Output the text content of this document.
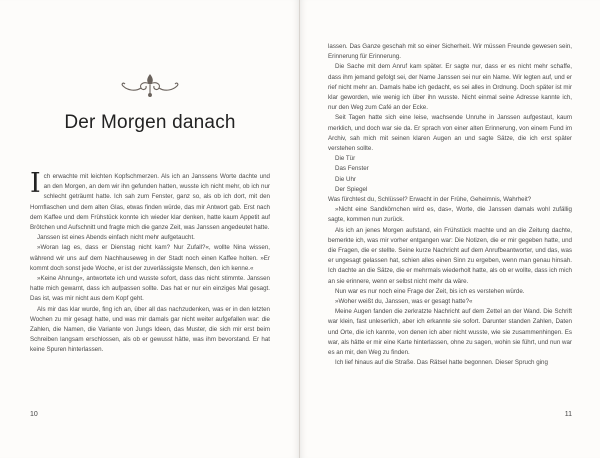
Der Morgen danach

Ich erwachte mit leichten Kopfschmerzen. Als ich an Janssens Worte dachte und an den Morgen, an dem wir ihn gefunden hatten, wusste ich nicht mehr, ob ich nur schlecht geträumt hatte. Ich sah zum Fenster, ganz so, als ob ich dort, mit den Hornflaschen und dem alten Glas, etwas finden würde, das mir Antwort gab. Erst nach dem Kaffee und dem Frühstück konnte ich wieder klar denken, hatte kaum Appetit auf Brötchen und Aufschnitt und fragte mich die ganze Zeit, was Janssen angedeutet hatte.

Janssen ist eines Abends einfach nicht mehr aufgetaucht.

»Woran lag es, dass er Dienstag nicht kam? Nur Zufall?«, wollte Nina wissen, während wir uns auf dem Nachhauseweg in der Stadt noch einen Kaffee holten. »Er kommt doch sonst jede Woche, er ist der zuverlässigste Mensch, den ich kenne.«

»Keine Ahnung«, antwortete ich und wusste sofort, dass das nicht stimmte. Janssen hatte mich gewarnt, dass ich aufpassen sollte. Das hat er nur ein einziges Mal gesagt. Das ist, was mir nicht aus dem Kopf geht.

Als mir das klar wurde, fing ich an, über all das nachzudenken, was er in den letzten Wochen zu mir gesagt hatte, und was mir damals gar nicht weiter aufgefallen war: die Zahlen, die Namen, die Variante von Jungs Ideen, das Muster, die sich mir erst beim Schreiben langsam erschlossen, als ob er gewusst hätte, was ihm bevorstand. Er hat keine Spuren hinterlassen.

10

lassen. Das Ganze geschah mit so einer Sicherheit. Wir müssen Freunde gewesen sein, Erinnerung für Erinnerung.

Die Sache mit dem Anruf kam später. Er sagte nur, dass er es nicht mehr schaffe, dass ihm jemand gefolgt sei, der Name Janssen sei nur ein Name. Wir legten auf, und er rief nicht mehr an. Damals habe ich gedacht, es sei alles in Ordnung. Doch später ist mir klar geworden, wie wenig ich über ihn wusste. Nicht einmal seine Adresse kannte ich, nur den Weg zum Café an der Ecke.

Seit Tagen hatte sich eine leise, wachsende Unruhe in Janssen aufgestaut, kaum merklich, und doch war sie da. Er sprach von einer alten Erinnerung, von einem Fund im Archiv, sah mich mit seinen klaren Augen an und sagte Sätze, die ich erst später verstehen sollte.

Die Tür

Das Fenster

Die Uhr

Der Spiegel

Was fürchtest du, Schlüssel? Erwacht in der Frühe, Geheimnis, Wahrheit?

»Nicht eine Sandkörnchen wird es, das«, Worte, die Janssen damals wohl zufällig sagte, kommen nun zurück.

Als ich an jenes Morgen aufstand, ein Frühstück machte und an die Zeitung dachte, bemerkte ich, was mir vorher entgangen war: Die Notizen, die er mir gegeben hatte, und die Fragen, die er stellte. Seine kurze Nachricht auf dem Anrufbeantworter, und das, was er ungesagt gelassen hat, schien alles einen Sinn zu ergeben, wenn man genau hinsah. Ich dachte an die Sätze, die er mehrmals wiederholt hatte, als ob er wollte, dass ich mich an sie erinnere, wenn er selbst nicht mehr da wäre.

Nun war es nur noch eine Frage der Zeit, bis ich es verstehen würde.

»Woher weißt du, Janssen, was er gesagt hatte?«

Meine Augen fanden die zerkratzte Nachricht auf dem Zettel an der Wand. Die Schrift war klein, fast unleserlich, aber ich erkannte sie sofort. Darunter standen Zahlen, Daten und Orte, die ich kannte, von denen ich aber nicht wusste, wie sie zusammenhingen. Es war, als hätte er mir eine Karte hinterlassen, ohne zu sagen, wohin sie führt, und nun war es an mir, den Weg zu finden.

Ich lief hinaus auf die Straße. Das Rätsel hatte begonnen. Dieser Spruch ging

11
